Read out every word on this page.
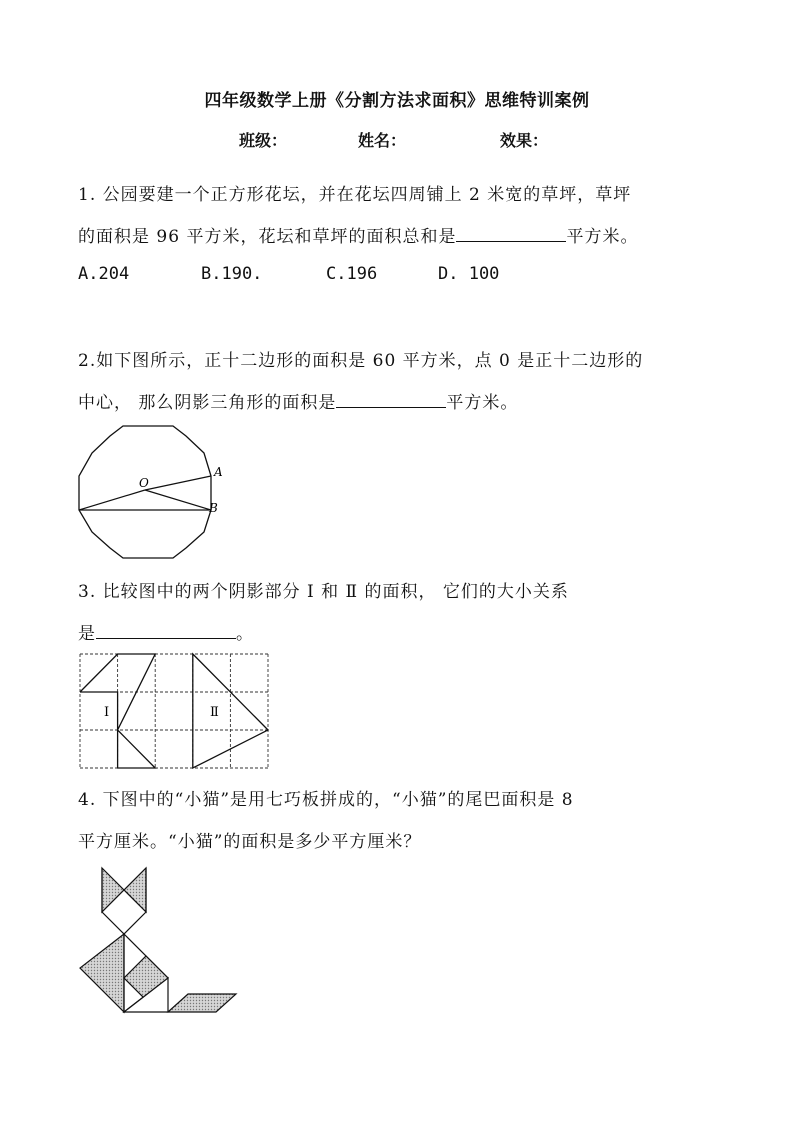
四年级数学上册《分割方法求面积》思维特训案例
班级：	姓名：	效果：
1. 公园要建一个正方形花坛，并在花坛四周铺上 2 米宽的草坪，草坪
的面积是 96 平方米，花坛和草坪的面积总和是	平方米。
A.204	B.190.	C.196	D. 100
2.如下图所示，正十二边形的面积是 60 平方米，点 0 是正十二边形的
中心， 那么阴影三角形的面积是	平方米。
O
A
B
3. 比较图中的两个阴影部分 Ⅰ 和 Ⅱ 的面积， 它们的大小关系
是	。
Ⅰ	Ⅱ
4. 下图中的“小猫”是用七巧板拼成的，“小猫”的尾巴面积是 8
平方厘米。“小猫”的面积是多少平方厘米？
